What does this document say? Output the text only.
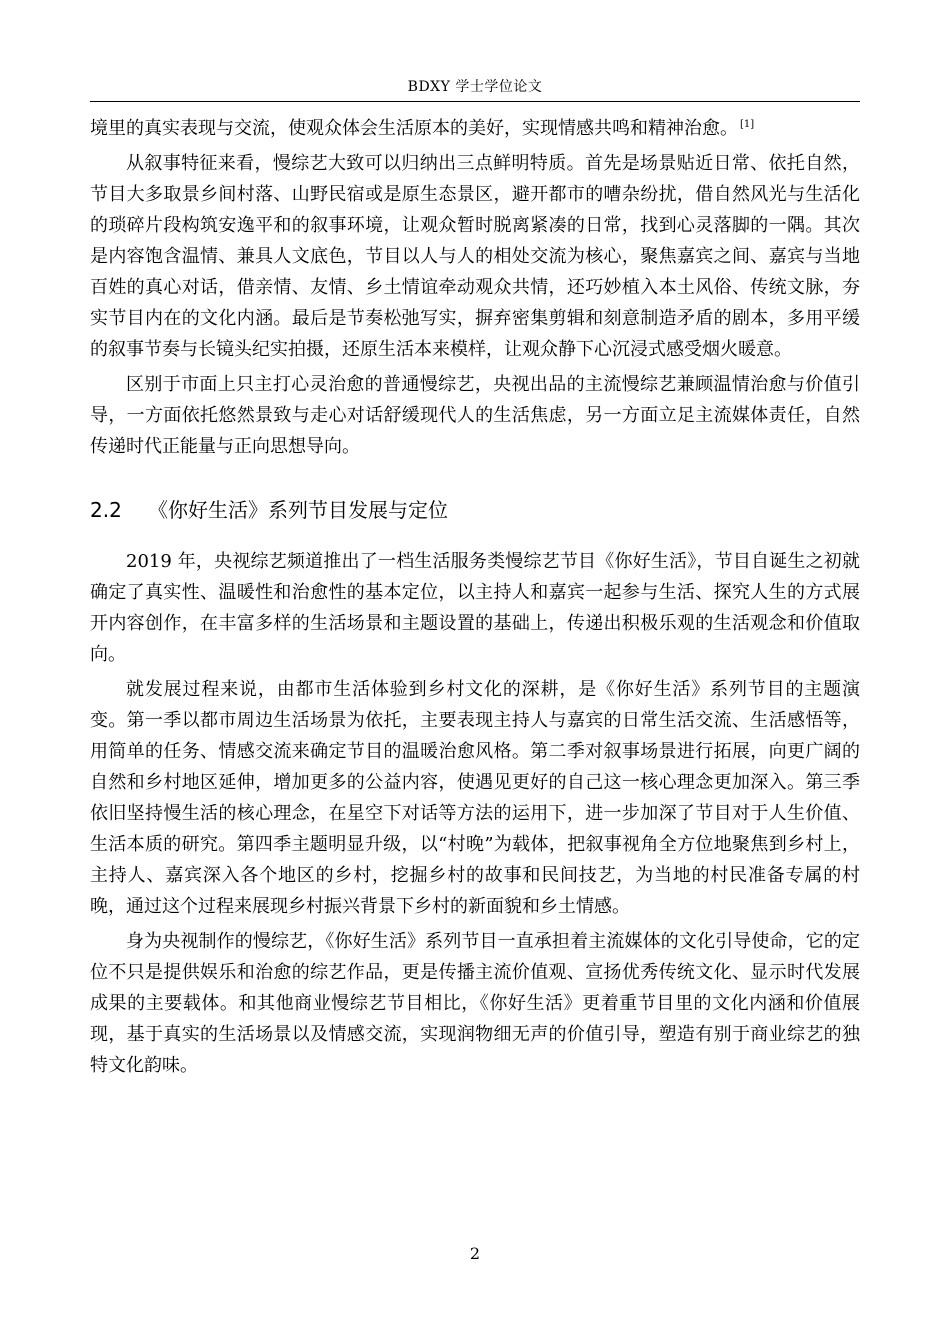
BDXY 学士学位论文

境里的真实表现与交流，使观众体会生活原本的美好，实现情感共鸣和精神治愈。 [1]

从叙事特征来看，慢综艺大致可以归纳出三点鲜明特质。首先是场景贴近日常、依托自然，节目大多取景乡间村落、山野民宿或是原生态景区，避开都市的嘈杂纷扰，借自然风光与生活化的琐碎片段构筑安逸平和的叙事环境，让观众暂时脱离紧凑的日常，找到心灵落脚的一隅。其次是内容饱含温情、兼具人文底色，节目以人与人的相处交流为核心，聚焦嘉宾之间、嘉宾与当地百姓的真心对话，借亲情、友情、乡土情谊牵动观众共情，还巧妙植入本土风俗、传统文脉，夯实节目内在的文化内涵。最后是节奏松弛写实，摒弃密集剪辑和刻意制造矛盾的剧本，多用平缓的叙事节奏与长镜头纪实拍摄，还原生活本来模样，让观众静下心沉浸式感受烟火暖意。

区别于市面上只主打心灵治愈的普通慢综艺，央视出品的主流慢综艺兼顾温情治愈与价值引导，一方面依托悠然景致与走心对话舒缓现代人的生活焦虑，另一方面立足主流媒体责任，自然传递时代正能量与正向思想导向。

2.2 《你好生活》系列节目发展与定位

2019 年，央视综艺频道推出了一档生活服务类慢综艺节目《你好生活》，节目自诞生之初就确定了真实性、温暖性和治愈性的基本定位，以主持人和嘉宾一起参与生活、探究人生的方式展开内容创作，在丰富多样的生活场景和主题设置的基础上，传递出积极乐观的生活观念和价值取向。

就发展过程来说，由都市生活体验到乡村文化的深耕，是《你好生活》系列节目的主题演变。第一季以都市周边生活场景为依托，主要表现主持人与嘉宾的日常生活交流、生活感悟等，用简单的任务、情感交流来确定节目的温暖治愈风格。第二季对叙事场景进行拓展，向更广阔的自然和乡村地区延伸，增加更多的公益内容，使遇见更好的自己这一核心理念更加深入。第三季依旧坚持慢生活的核心理念，在星空下对话等方法的运用下，进一步加深了节目对于人生价值、生活本质的研究。第四季主题明显升级，以“村晚”为载体，把叙事视角全方位地聚焦到乡村上，主持人、嘉宾深入各个地区的乡村，挖掘乡村的故事和民间技艺，为当地的村民准备专属的村晚，通过这个过程来展现乡村振兴背景下乡村的新面貌和乡土情感。

身为央视制作的慢综艺，《你好生活》系列节目一直承担着主流媒体的文化引导使命，它的定位不只是提供娱乐和治愈的综艺作品，更是传播主流价值观、宣扬优秀传统文化、显示时代发展成果的主要载体。和其他商业慢综艺节目相比，《你好生活》更着重节目里的文化内涵和价值展现，基于真实的生活场景以及情感交流，实现润物细无声的价值引导，塑造有别于商业综艺的独特文化韵味。

2
